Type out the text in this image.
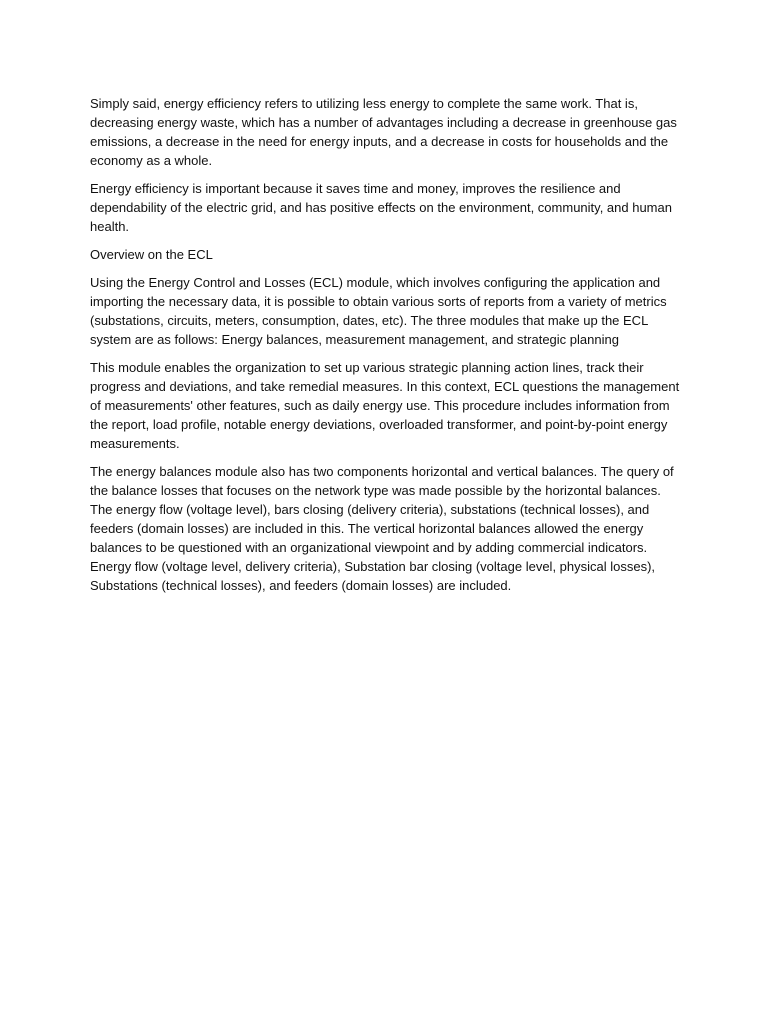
Simply said, energy efficiency refers to utilizing less energy to complete the same work. That is, decreasing energy waste, which has a number of advantages including a decrease in greenhouse gas emissions, a decrease in the need for energy inputs, and a decrease in costs for households and the economy as a whole.

Energy efficiency is important because it saves time and money, improves the resilience and dependability of the electric grid, and has positive effects on the environment, community, and human health.

Overview on the ECL

Using the Energy Control and Losses (ECL) module, which involves configuring the application and importing the necessary data, it is possible to obtain various sorts of reports from a variety of metrics (substations, circuits, meters, consumption, dates, etc). The three modules that make up the ECL system are as follows: Energy balances, measurement management, and strategic planning

This module enables the organization to set up various strategic planning action lines, track their progress and deviations, and take remedial measures. In this context, ECL questions the management of measurements' other features, such as daily energy use. This procedure includes information from the report, load profile, notable energy deviations, overloaded transformer, and point-by-point energy measurements.

The energy balances module also has two components horizontal and vertical balances. The query of the balance losses that focuses on the network type was made possible by the horizontal balances. The energy flow (voltage level), bars closing (delivery criteria), substations (technical losses), and feeders (domain losses) are included in this. The vertical horizontal balances allowed the energy balances to be questioned with an organizational viewpoint and by adding commercial indicators. Energy flow (voltage level, delivery criteria), Substation bar closing (voltage level, physical losses), Substations (technical losses), and feeders (domain losses) are included.
